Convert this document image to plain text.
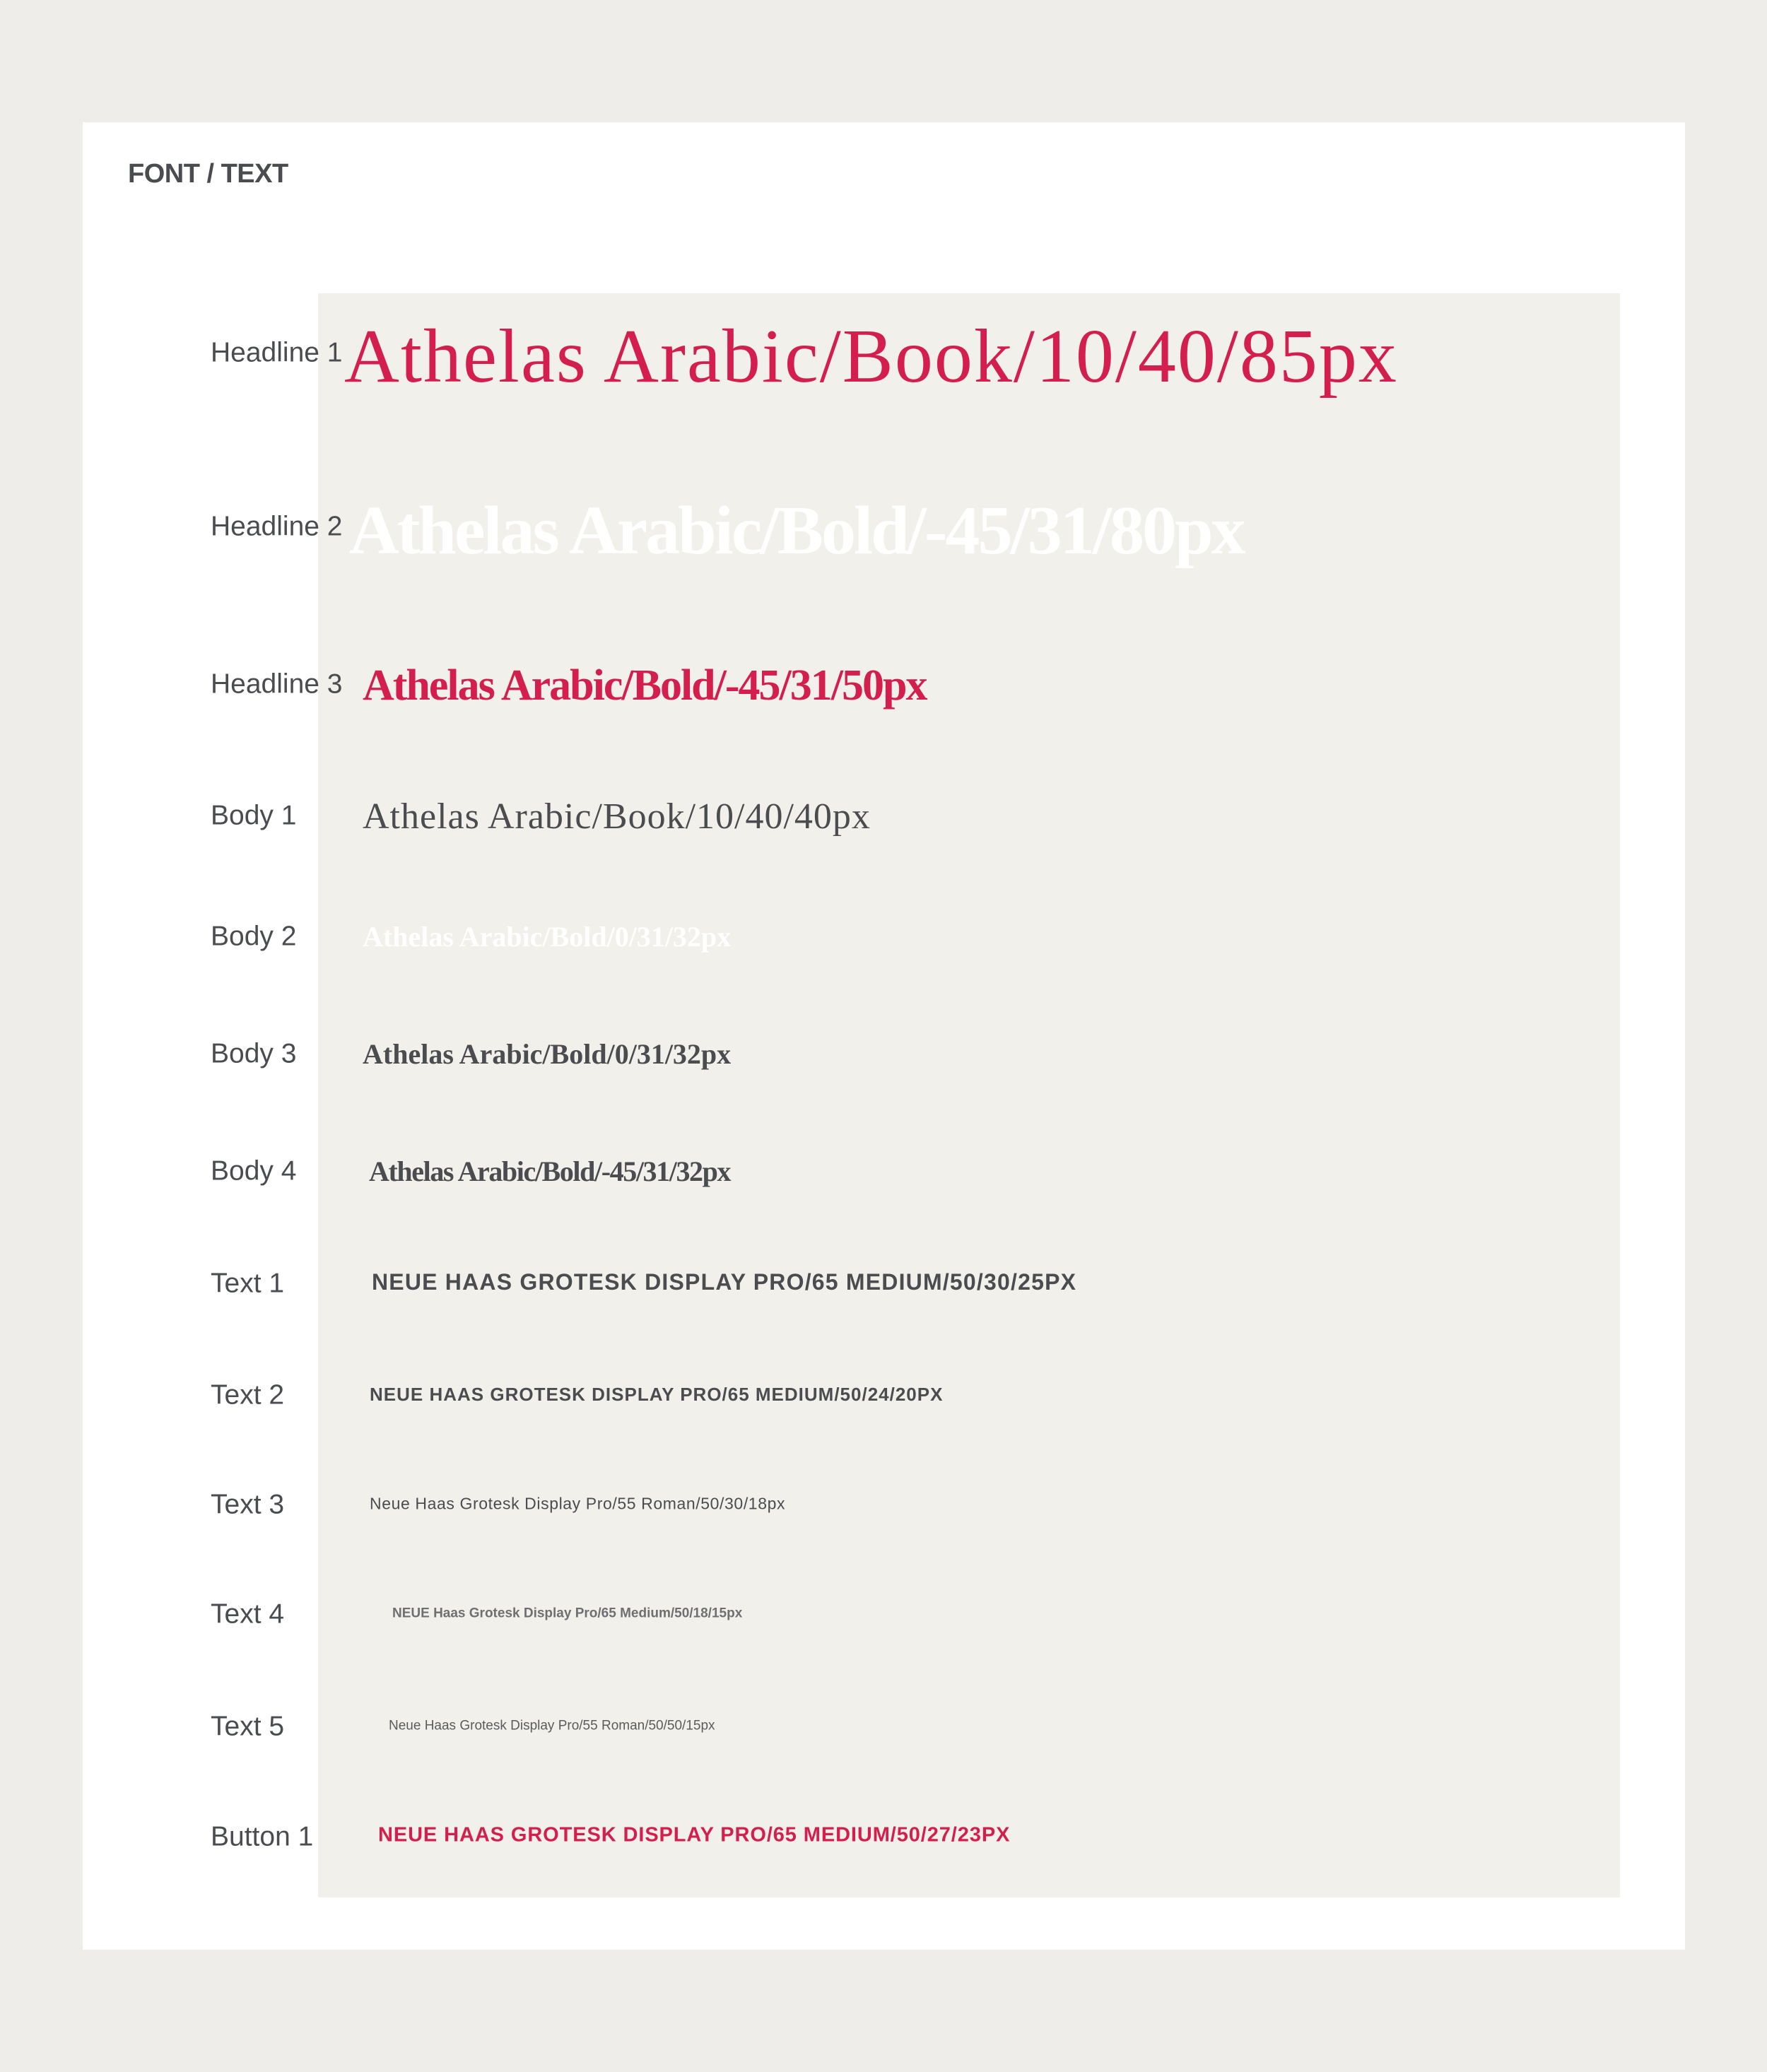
FONT / TEXT
Headline 1 Athelas Arabic/Book/10/40/85px
Headline 2 Athelas Arabic/Bold/-45/31/80px
Headline 3 Athelas Arabic/Bold/-45/31/50px
Body 1 Athelas Arabic/Book/10/40/40px
Body 2 Athelas Arabic/Bold/0/31/32px
Body 3 Athelas Arabic/Bold/0/31/32px
Body 4	Athelas Arabic/Bold/-45/31/32px
Text 1	NEUE HAAS GROTESK DISPLAY PRO/65 MEDIUM/50/30/25PX
Text 2	NEUE HAAS GROTESK DISPLAY PRO/65 MEDIUM/50/24/20PX
Text 3	Neue Haas Grotesk Display Pro/55 Roman/50/30/18px
Text 4	NEUE Haas Grotesk Display Pro/65 Medium/50/18/15px
Text 5	Neue Haas Grotesk Display Pro/55 Roman/50/50/15px
Button 1	NEUE HAAS GROTESK DISPLAY PRO/65 MEDIUM/50/27/23PX
